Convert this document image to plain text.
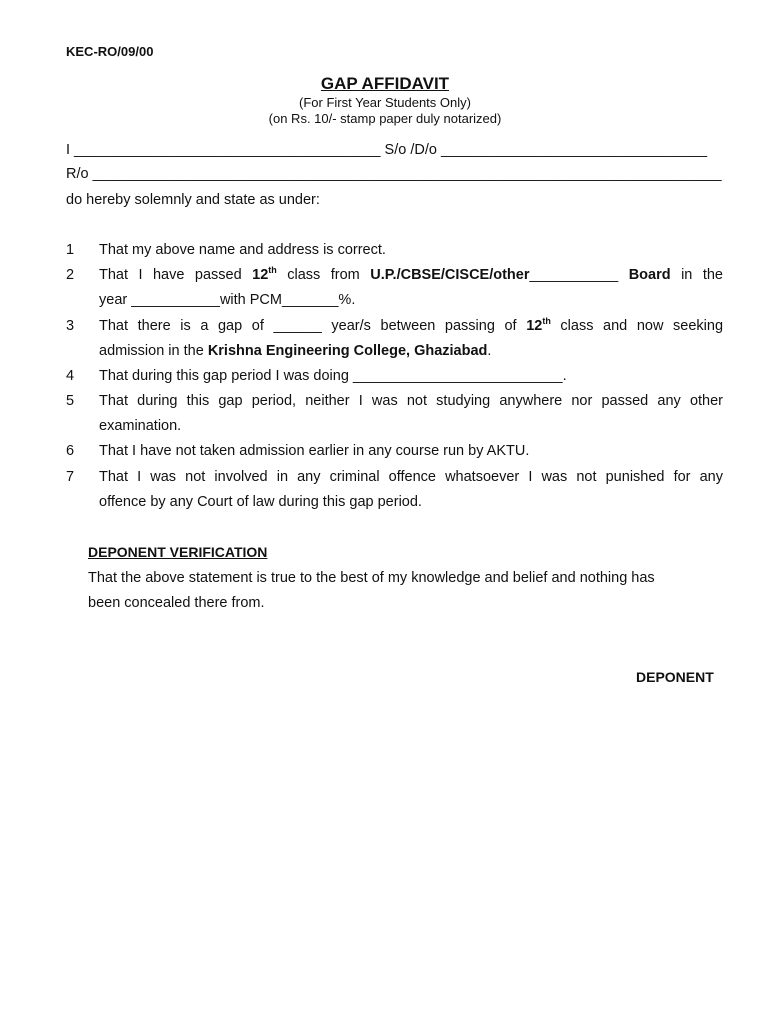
KEC-RO/09/00
GAP AFFIDAVIT
(For First Year Students Only)
(on Rs. 10/- stamp paper duly notarized)
I ______________________________________ S/o /D/o _________________________________
R/o ______________________________________________________________________________
do hereby solemnly and state as under:
1 That my above name and address is correct.
2 That I have passed 12th class from U.P./CBSE/CISCE/other___________ Board in the
year ___________with PCM_______%.
3 That there is a gap of ______ year/s between passing of 12th class and now seeking
admission in the Krishna Engineering College, Ghaziabad.
4 That during this gap period I was doing __________________________.
5 That during this gap period, neither I was not studying anywhere nor passed any other
examination.
6 That I have not taken admission earlier in any course run by AKTU.
7 That I was not involved in any criminal offence whatsoever I was not punished for any
offence by any Court of law during this gap period.
DEPONENT VERIFICATION
That the above statement is true to the best of my knowledge and belief and nothing has
been concealed there from.
DEPONENT
